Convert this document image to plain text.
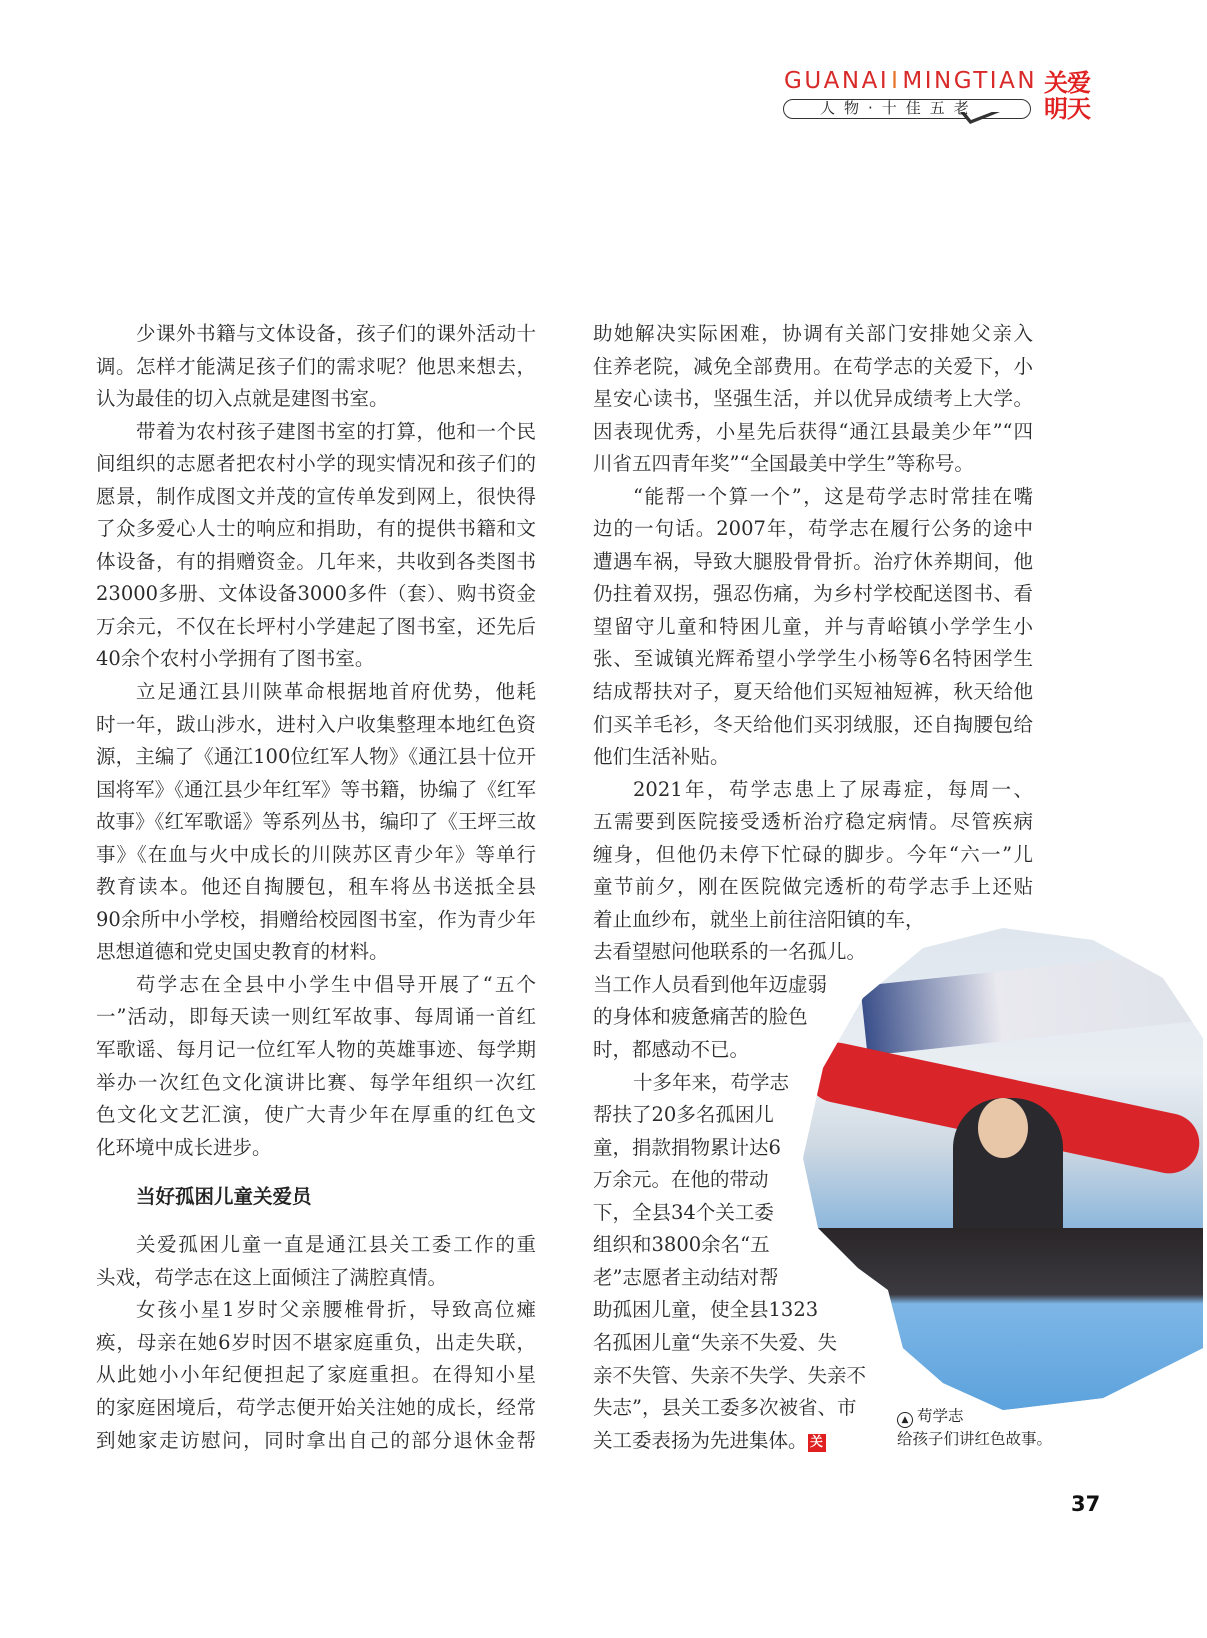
GUANAIIMINGTIAN
人物·十佳五老
关爱明天
少课外书籍与文体设备，孩子们的课外活动十
调。怎样才能满足孩子们的需求呢？他思来想去，
认为最佳的切入点就是建图书室。
带着为农村孩子建图书室的打算，他和一个民
间组织的志愿者把农村小学的现实情况和孩子们的
愿景，制作成图文并茂的宣传单发到网上，很快得
了众多爱心人士的响应和捐助，有的提供书籍和文
体设备，有的捐赠资金。几年来，共收到各类图书
23000多册、文体设备3000多件（套）、购书资金
万余元，不仅在长坪村小学建起了图书室，还先后
40余个农村小学拥有了图书室。
立足通江县川陕革命根据地首府优势，他耗
时一年，跋山涉水，进村入户收集整理本地红色资
源，主编了《通江100位红军人物》《通江县十位开
国将军》《通江县少年红军》等书籍，协编了《红军
故事》《红军歌谣》等系列丛书，编印了《王坪三故
事》《在血与火中成长的川陕苏区青少年》等单行
教育读本。他还自掏腰包，租车将丛书送抵全县
90余所中小学校，捐赠给校园图书室，作为青少年
思想道德和党史国史教育的材料。
苟学志在全县中小学生中倡导开展了“五个
一”活动，即每天读一则红军故事、每周诵一首红
军歌谣、每月记一位红军人物的英雄事迹、每学期
举办一次红色文化演讲比赛、每学年组织一次红
色文化文艺汇演，使广大青少年在厚重的红色文
化环境中成长进步。
当好孤困儿童关爱员
关爱孤困儿童一直是通江县关工委工作的重
头戏，苟学志在这上面倾注了满腔真情。
女孩小星1岁时父亲腰椎骨折，导致高位瘫
痪，母亲在她6岁时因不堪家庭重负，出走失联，
从此她小小年纪便担起了家庭重担。在得知小星
的家庭困境后，苟学志便开始关注她的成长，经常
到她家走访慰问，同时拿出自己的部分退休金帮
助她解决实际困难，协调有关部门安排她父亲入
住养老院，减免全部费用。在苟学志的关爱下，小
星安心读书，坚强生活，并以优异成绩考上大学。
因表现优秀，小星先后获得“通江县最美少年”“四
川省五四青年奖”“全国最美中学生”等称号。
“能帮一个算一个”，这是苟学志时常挂在嘴
边的一句话。2007年，苟学志在履行公务的途中
遭遇车祸，导致大腿股骨骨折。治疗休养期间，他
仍拄着双拐，强忍伤痛，为乡村学校配送图书、看
望留守儿童和特困儿童，并与青峪镇小学学生小
张、至诚镇光辉希望小学学生小杨等6名特困学生
结成帮扶对子，夏天给他们买短袖短裤，秋天给他
们买羊毛衫，冬天给他们买羽绒服，还自掏腰包给
他们生活补贴。
2021年，苟学志患上了尿毒症，每周一、
五需要到医院接受透析治疗稳定病情。尽管疾病
缠身，但他仍未停下忙碌的脚步。今年“六一”儿
童节前夕，刚在医院做完透析的苟学志手上还贴
着止血纱布，就坐上前往涪阳镇的车，
去看望慰问他联系的一名孤儿。
当工作人员看到他年迈虚弱
的身体和疲惫痛苦的脸色
时，都感动不已。
十多年来，苟学志
帮扶了20多名孤困儿
童，捐款捐物累计达6
万余元。在他的带动
下，全县34个关工委
组织和3800余名“五
老”志愿者主动结对帮
助孤困儿童，使全县1323
名孤困儿童“失亲不失爱、失
亲不失管、失亲不失学、失亲不
失志”，县关工委多次被省、市
关工委表扬为先进集体。 关
▲ 苟学志
给孩子们讲红色故事。
37
